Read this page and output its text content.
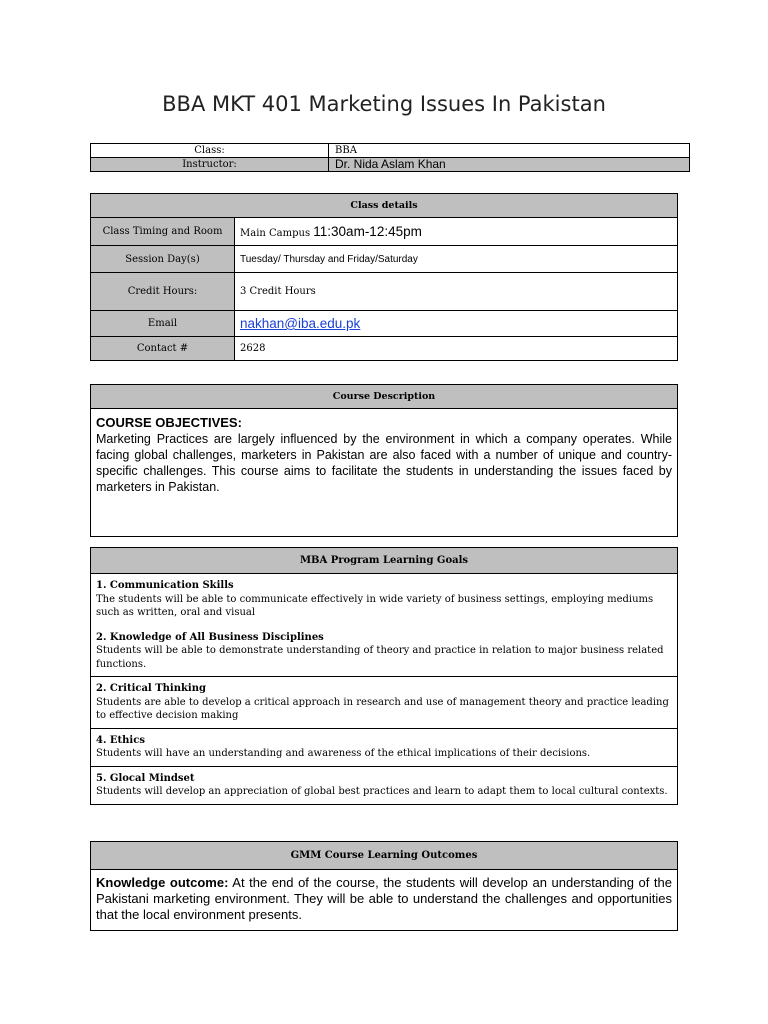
BBA MKT 401 Marketing Issues In Pakistan
Class:	BBA
Instructor:	Dr. Nida Aslam Khan
Class details	
Class Timing and Room	Main Campus 11:30am-12:45pm
Session Day(s)	Tuesday/ Thursday and Friday/Saturday
Credit Hours:	3 Credit Hours
Email	nakhan@iba.edu.pk
Contact #	2628
Course Description

COURSE OBJECTIVES:
Marketing Practices are largely influenced by the environment in which a company operates. While facing global challenges, marketers in Pakistan are also faced with a number of unique and country-specific challenges. This course aims to facilitate the students in understanding the issues faced by marketers in Pakistan.
MBA Program Learning Goals

1. Communication Skills
The students will be able to communicate effectively in wide variety of business settings, employing mediums such as written, oral and visual
2. Knowledge of All Business Disciplines
Students will be able to demonstrate understanding of theory and practice in relation to major business related functions.

2. Critical Thinking
Students are able to develop a critical approach in research and use of management theory and practice leading to effective decision making

4. Ethics
Students will have an understanding and awareness of the ethical implications of their decisions.

5. Glocal Mindset
Students will develop an appreciation of global best practices and learn to adapt them to local cultural contexts.
GMM Course Learning Outcomes
Knowledge outcome: At the end of the course, the students will develop an understanding of the Pakistani marketing environment. They will be able to understand the challenges and opportunities that the local environment presents.
